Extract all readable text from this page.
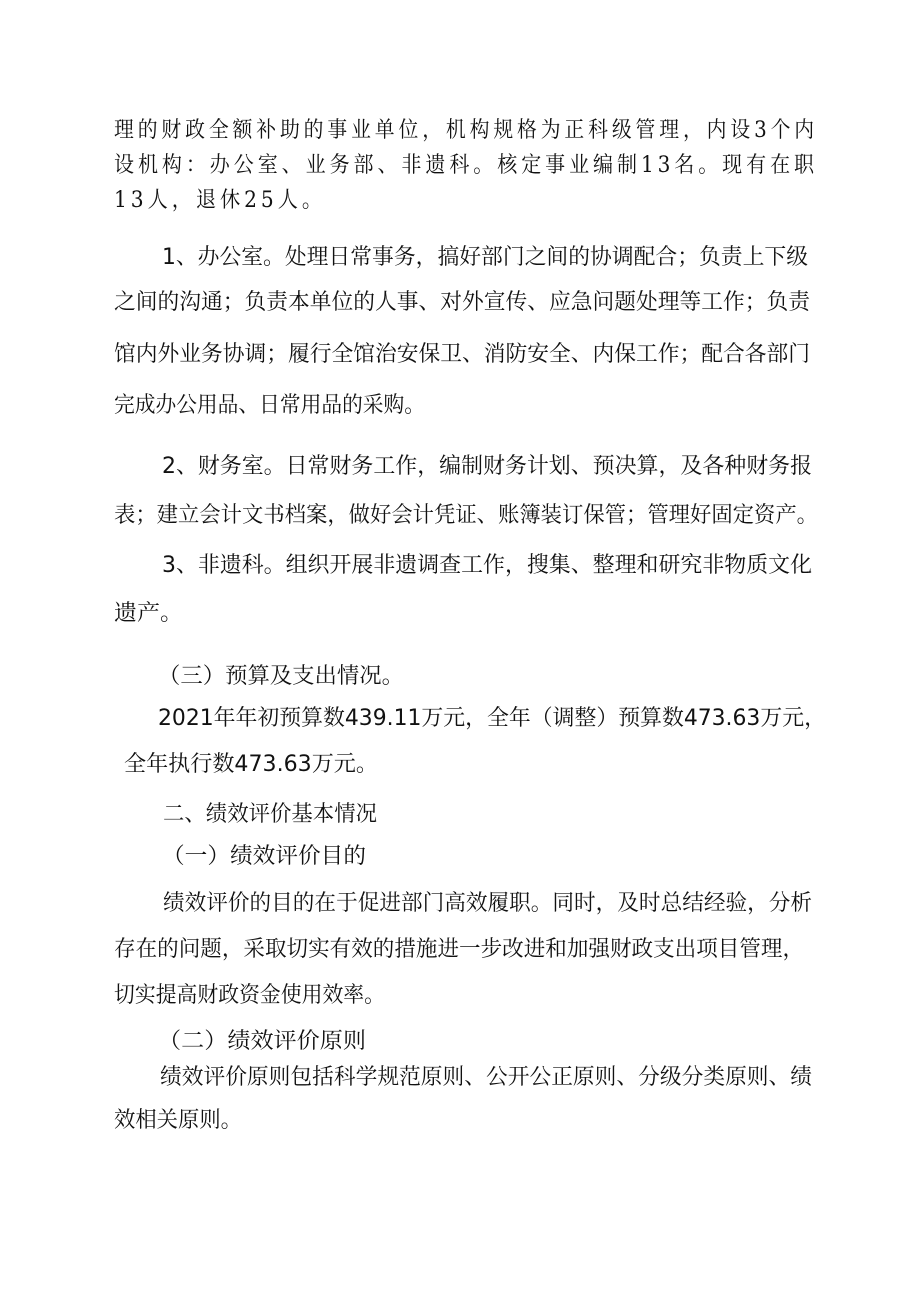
理的财政全额补助的事业单位，机构规格为正科级管理，内设3个内
设机构：办公室、业务部、非遗科。核定事业编制13名。现有在职
13人，退休25人。
1、办公室。处理日常事务，搞好部门之间的协调配合；负责上下级
之间的沟通；负责本单位的人事、对外宣传、应急问题处理等工作；负责
馆内外业务协调；履行全馆治安保卫、消防安全、内保工作；配合各部门
完成办公用品、日常用品的采购。
2、财务室。日常财务工作，编制财务计划、预决算，及各种财务报
表；建立会计文书档案，做好会计凭证、账簿装订保管；管理好固定资产。
3、非遗科。组织开展非遗调查工作，搜集、整理和研究非物质文化
遗产。
（三）预算及支出情况。
2021年年初预算数439.11万元，全年（调整）预算数473.63万元，
全年执行数473.63万元。
二、绩效评价基本情况
（一）绩效评价目的
绩效评价的目的在于促进部门高效履职。同时，及时总结经验，分析
存在的问题，采取切实有效的措施进一步改进和加强财政支出项目管理，
切实提高财政资金使用效率。
（二）绩效评价原则
绩效评价原则包括科学规范原则、公开公正原则、分级分类原则、绩
效相关原则。
